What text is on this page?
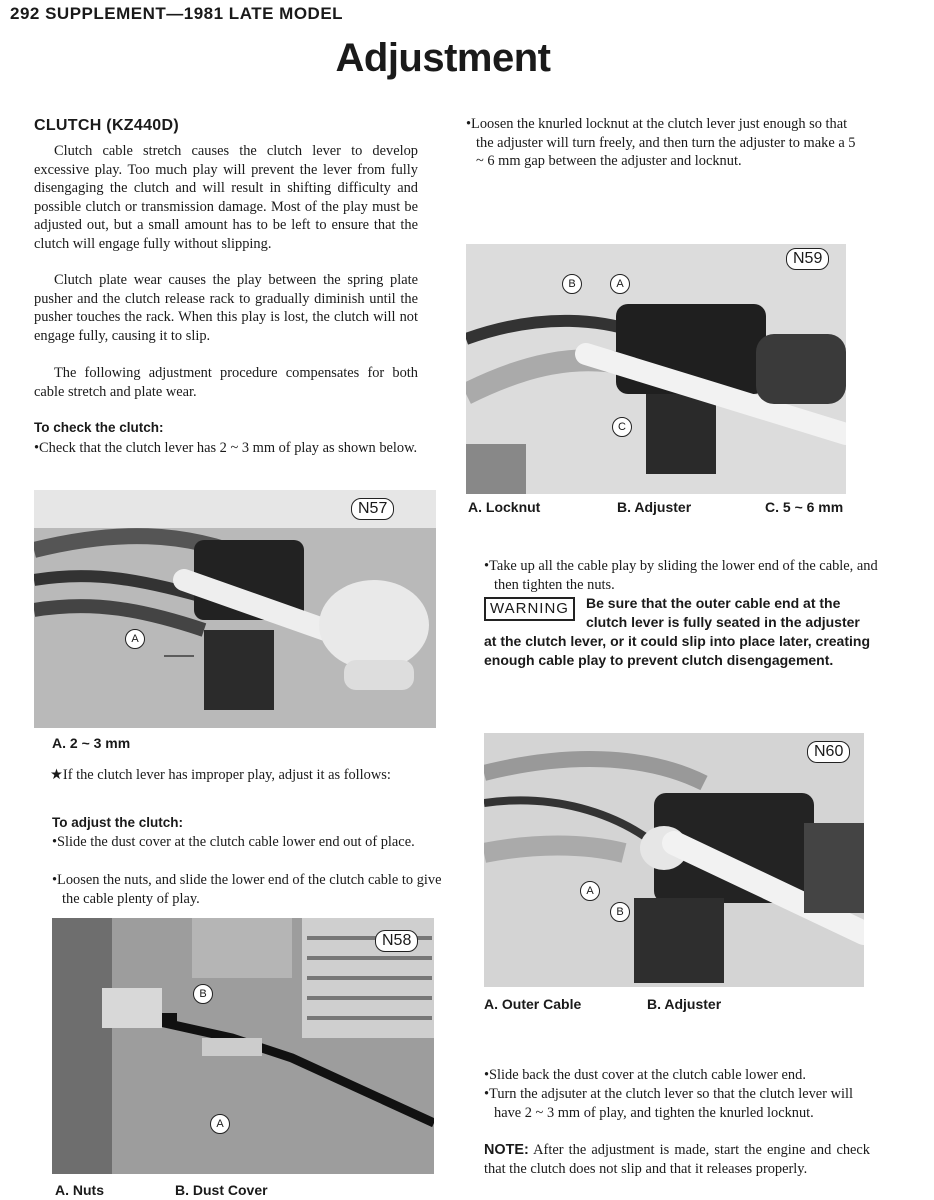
292 SUPPLEMENT—1981 LATE MODEL
Adjustment
CLUTCH (KZ440D)
Clutch cable stretch causes the clutch lever to develop excessive play. Too much play will prevent the lever from fully disengaging the clutch and will result in shifting difficulty and possible clutch or transmission damage. Most of the play must be adjusted out, but a small amount has to be left to ensure that the clutch will engage fully without slipping.
Clutch plate wear causes the play between the spring plate pusher and the clutch release rack to gradually diminish until the pusher touches the rack. When this play is lost, the clutch will not engage fully, causing it to slip.
The following adjustment procedure compensates for both cable stretch and plate wear.
To check the clutch:
•Check that the clutch lever has 2 ~ 3 mm of play as shown below.
N57
A
A. 2 ~ 3 mm
★If the clutch lever has improper play, adjust it as follows:
To adjust the clutch:
•Slide the dust cover at the clutch cable lower end out of place.
•Loosen the nuts, and slide the lower end of the clutch cable to give the cable plenty of play.
N58
B
A
A. Nuts	B. Dust Cover
•Loosen the knurled locknut at the clutch lever just enough so that the adjuster will turn freely, and then turn the adjuster to make a 5 ~ 6 mm gap between the adjuster and locknut.
N59
B	A
C
A. Locknut	B. Adjuster	C. 5 ~ 6 mm
•Take up all the cable play by sliding the lower end of the cable, and then tighten the nuts.
WARNING	Be sure that the outer cable end at the
clutch lever is fully seated in the adjuster
at the clutch lever, or it could slip into place later, creating enough cable play to prevent clutch disengagement.
N60
A
B
A. Outer Cable	B. Adjuster
•Slide back the dust cover at the clutch cable lower end.
•Turn the adjsuter at the clutch lever so that the clutch lever will have 2 ~ 3 mm of play, and tighten the knurled locknut.
NOTE: After the adjustment is made, start the engine and check that the clutch does not slip and that it releases properly.
